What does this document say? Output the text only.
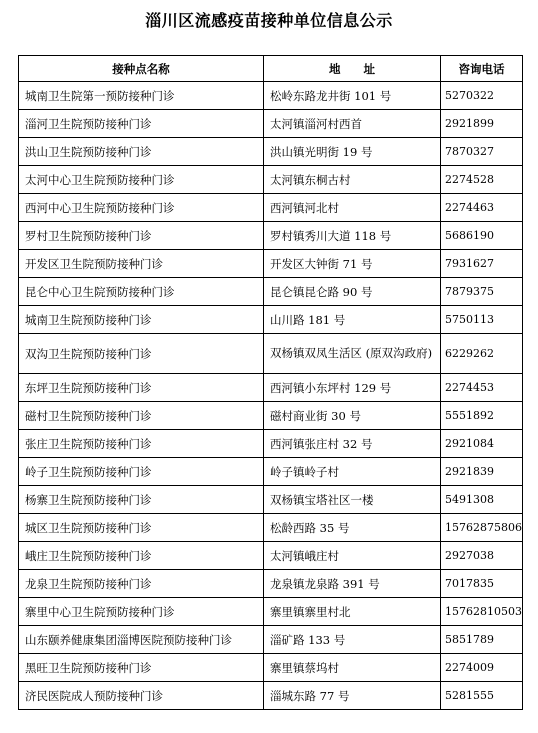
淄川区流感疫苗接种单位信息公示
接种点名称	地　　址	咨询电话
城南卫生院第一预防接种门诊	松岭东路龙井街 101 号	5270322
淄河卫生院预防接种门诊	太河镇淄河村西首	2921899
洪山卫生院预防接种门诊	洪山镇光明街 19 号	7870327
太河中心卫生院预防接种门诊	太河镇东桐古村	2274528
西河中心卫生院预防接种门诊	西河镇河北村	2274463
罗村卫生院预防接种门诊	罗村镇秀川大道 118 号	5686190
开发区卫生院预防接种门诊	开发区大钟街 71 号	7931627
昆仑中心卫生院预防接种门诊	昆仑镇昆仑路 90 号	7879375
城南卫生院预防接种门诊	山川路 181 号	5750113
双沟卫生院预防接种门诊	双杨镇双凤生活区 (原双沟政府)	6229262
东坪卫生院预防接种门诊	西河镇小东坪村 129 号	2274453
磁村卫生院预防接种门诊	磁村商业街 30 号	5551892
张庄卫生院预防接种门诊	西河镇张庄村 32 号	2921084
岭子卫生院预防接种门诊	岭子镇岭子村	2921839
杨寨卫生院预防接种门诊	双杨镇宝塔社区一楼	5491308
城区卫生院预防接种门诊	松龄西路 35 号	15762875806
峨庄卫生院预防接种门诊	太河镇峨庄村	2927038
龙泉卫生院预防接种门诊	龙泉镇龙泉路 391 号	7017835
寨里中心卫生院预防接种门诊	寨里镇寨里村北	15762810503
山东颐养健康集团淄博医院预防接种门诊	淄矿路 133 号	5851789
黑旺卫生院预防接种门诊	寨里镇蔡坞村	2274009
济民医院成人预防接种门诊	淄城东路 77 号	5281555
